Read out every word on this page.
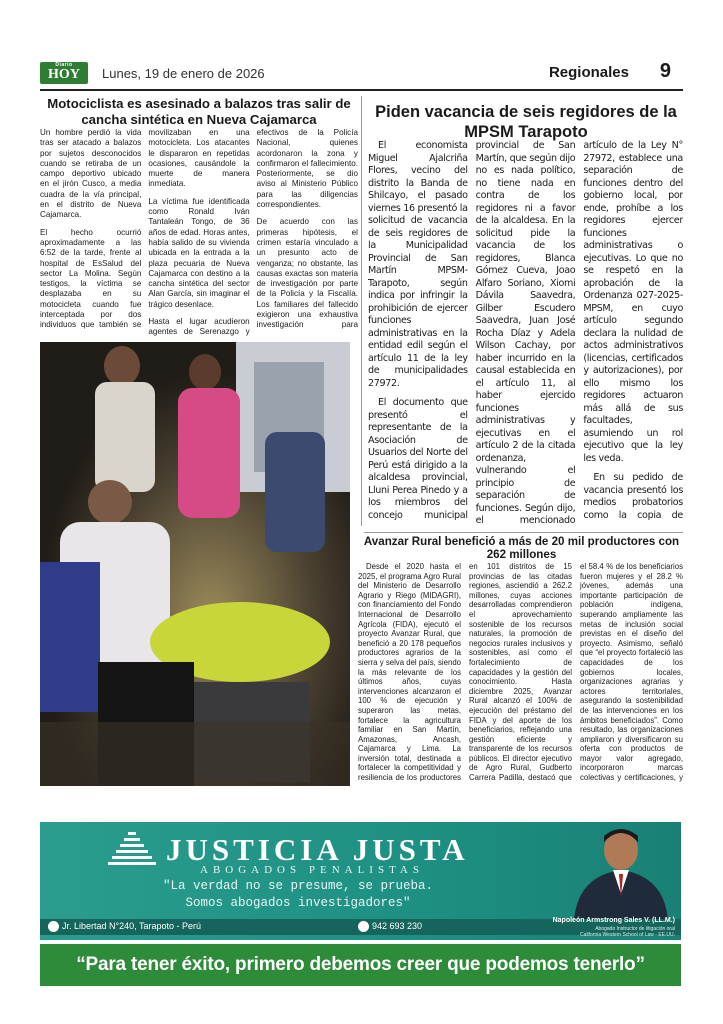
Diario
HOY	Lunes, 19 de enero de 2026	Regionales 9
Motociclista es asesinado a balazos tras salir de cancha sintética en Nueva Cajamarca

Un hombre perdió la vida tras ser atacado a balazos por sujetos desconocidos cuando se retiraba de un campo deportivo ubicado en el jirón Cusco, a media cuadra de la vía principal, en el distrito de Nueva Cajamarca.

El hecho ocurrió aproximadamente a las 6:52 de la tarde, frente al hospital de EsSalud del sector La Molina. Según testigos, la víctima se desplazaba en su motocicleta cuando fue interceptada por dos individuos que también se movilizaban en una motocicleta. Los atacantes le dispararon en repetidas ocasiones, causándole la muerte de manera inmediata.

La víctima fue identificada como Ronald Iván Tantaleán Tongo, de 36 años de edad. Horas antes, había salido de su vivienda ubicada en la entrada a la plaza pecuaria de Nueva Cajamarca con destino a la cancha sintética del sector Alan García, sin imaginar el trágico desenlace.

Hasta el lugar acudieron agentes de Serenazgo y efectivos de la Policía Nacional, quienes acordonaron la zona y confirmaron el fallecimiento. Posteriormente, se dio aviso al Ministerio Público para las diligencias correspondientes.

De acuerdo con las primeras hipótesis, el crimen estaría vinculado a un presunto acto de venganza; no obstante, las causas exactas son materia de investigación por parte de la Policía y la Fiscalía. Los familiares del fallecido exigieron una exhaustiva investigación para

Piden vacancia de seis regidores de la MPSM Tarapoto

El economista Miguel Ajalcriña Flores, vecino del distrito la Banda de Shilcayo, el pasado viernes 16 presentó la solicitud de vacancia de seis regidores de la Municipalidad Provincial de San Martín MPSM-Tarapoto, según indica por infringir la prohibición de ejercer funciones administrativas en la entidad edil según el artículo 11 de la ley de municipalidades 27972.

El documento que presentó el representante de la Asociación de Usuarios del Norte del Perú está dirigido a la alcaldesa provincial, Lluni Perea Pinedo y a los miembros del concejo municipal provincial de San Martín, que según dijo no es nada político, no tiene nada en contra de los regidores ni a favor de la alcaldesa. En la solicitud pide la vacancia de los regidores, Blanca Gómez Cueva, Joao Alfaro Soriano, Xiomi Dávila Saavedra, Gilber Escudero Saavedra, Juan José Rocha Díaz y Adela Wilson Cachay, por haber incurrido en la causal establecida en el artículo 11, al haber ejercido funciones administrativas y ejecutivas en el artículo 2 de la citada ordenanza, vulnerando el principio de separación de funciones. Según dijo, el mencionado artículo de la Ley N° 27972, establece una separación de funciones dentro del gobierno local, por ende, prohíbe a los regidores ejercer funciones administrativas o ejecutivas. Lo que no se respetó en la aprobación de la Ordenanza 027-2025-MPSM, en cuyo artículo segundo declara la nulidad de actos administrativos (licencias, certificados y autorizaciones), por ello mismo los regidores actuaron más allá de sus facultades, asumiendo un rol ejecutivo que la ley les veda.

En su pedido de vacancia presentó los medios probatorios como la copia de

Avanzar Rural benefició a más de 20 mil productores con 262 millones

Desde el 2020 hasta el 2025, el programa Agro Rural del Ministerio de Desarrollo Agrario y Riego (MIDAGRI), con financiamiento del Fondo Internacional de Desarrollo Agrícola (FIDA), ejecutó el proyecto Avanzar Rural, que benefició a 20 178 pequeños productores agrarios de la sierra y selva del país, siendo la más relevante de los últimos años, cuyas intervenciones alcanzaron el 100 % de ejecución y superaron las metas, fortalece la agricultura familiar en San Martín, Amazonas, Ancash, Cajamarca y Lima. La inversión total, destinada a fortalecer la competitividad y resiliencia de los productores en 101 distritos de 15 provincias de las citadas regiones, asciendió a 262.2 millones, cuyas acciones desarrolladas comprendieron el aprovechamiento sostenible de los recursos naturales, la promoción de negocios rurales inclusivos y sostenibles, así como el fortalecimiento de capacidades y la gestión del conocimiento. Hasta diciembre 2025, Avanzar Rural alcanzó el 100% de ejecución del préstamo del FIDA y del aporte de los beneficiarios, reflejando una gestión eficiente y transparente de los recursos públicos. El director ejecutivo de Agro Rural, Gudberto Carrera Padilla, destacó que el 58.4 % de los beneficiarios fueron mujeres y el 28.2 % jóvenes, además una importante participación de población indígena, superando ampliamente las metas de inclusión social previstas en el diseño del proyecto. Asimismo, señaló que “el proyecto fortaleció las capacidades de los gobiernos locales, organizaciones agrarias y actores territoriales, asegurando la sostenibilidad de las intervenciones en los ámbitos beneficiados”. Como resultado, las organizaciones ampliaron y diversificaron su oferta con productos de mayor valor agregado, incorporaron marcas colectivas y certificaciones, y

JUSTICIA JUSTA
ABOGADOS PENALISTAS
"La verdad no se presume, se prueba.
Somos abogados investigadores"
Jr. Libertad N°240, Tarapoto - Perú	942 693 230
Napoleón Armstrong Sales V. (LL.M.)
Abogado Instructor de litigación oral
California Western School of Law - EE.UU.
“Para tener éxito, primero debemos creer que podemos tenerlo”
